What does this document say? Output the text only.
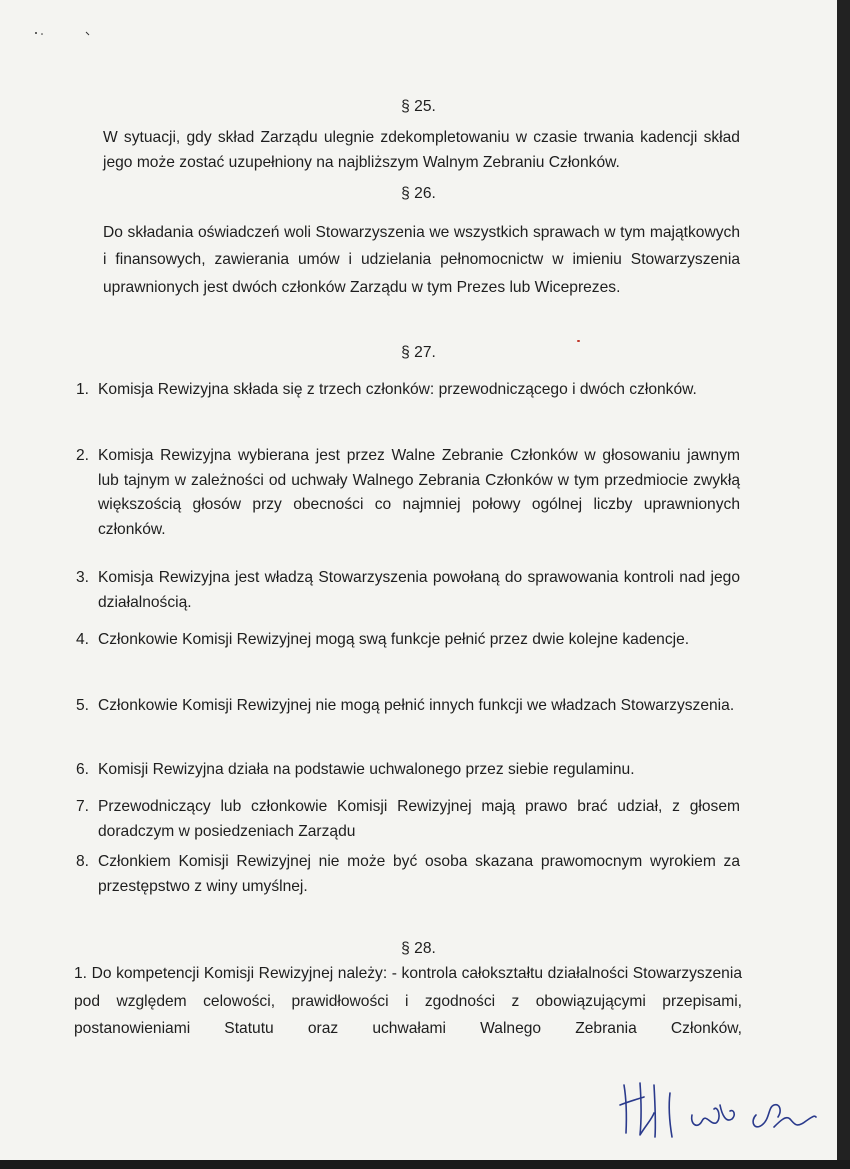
§ 25.
W sytuacji, gdy skład Zarządu ulegnie zdekompletowaniu w czasie trwania kadencji skład jego może zostać uzupełniony na najbliższym Walnym Zebraniu Członków.
§ 26.
Do składania oświadczeń woli Stowarzyszenia we wszystkich sprawach w tym majątkowych i finansowych, zawierania umów i udzielania pełnomocnictw w imieniu Stowarzyszenia uprawnionych jest dwóch członków Zarządu w tym Prezes lub Wiceprezes.
§ 27.
1. Komisja Rewizyjna składa się z trzech członków: przewodniczącego i dwóch członków.
2. Komisja Rewizyjna wybierana jest przez Walne Zebranie Członków w głosowaniu jawnym lub tajnym w zależności od uchwały Walnego Zebrania Członków w tym przedmiocie zwykłą większością głosów przy obecności co najmniej połowy ogólnej liczby uprawnionych członków.
3. Komisja Rewizyjna jest władzą Stowarzyszenia powołaną do sprawowania kontroli nad jego działalnością.
4. Członkowie Komisji Rewizyjnej mogą swą funkcje pełnić przez dwie kolejne kadencje.
5. Członkowie Komisji Rewizyjnej nie mogą pełnić innych funkcji we władzach Stowarzyszenia.
6. Komisji Rewizyjna działa na podstawie uchwalonego przez siebie regulaminu.
7. Przewodniczący lub członkowie Komisji Rewizyjnej mają prawo brać udział, z głosem doradczym w posiedzeniach Zarządu
8. Członkiem Komisji Rewizyjnej nie może być osoba skazana prawomocnym wyrokiem za przestępstwo z winy umyślnej.
§ 28.
1. Do kompetencji Komisji Rewizyjnej należy: - kontrola całokształtu działalności Stowarzyszenia pod względem celowości, prawidłowości i zgodności z obowiązującymi przepisami, postanowieniami Statutu oraz uchwałami Walnego Zebrania Członków,
